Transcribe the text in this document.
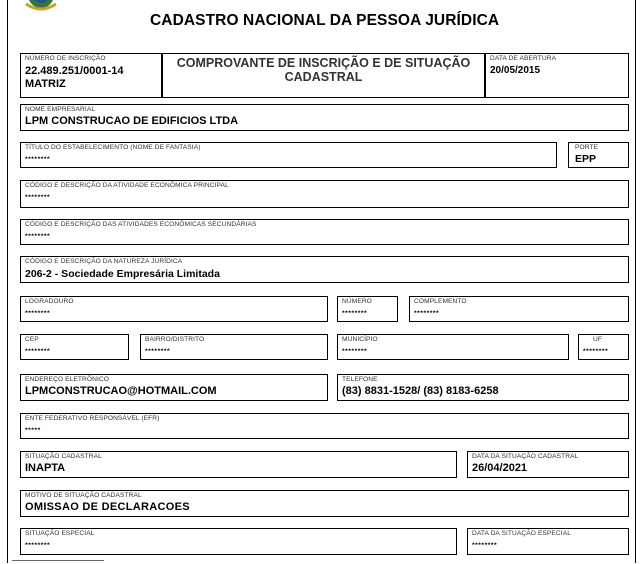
CADASTRO NACIONAL DA PESSOA JURÍDICA
NÚMERO DE INSCRIÇÃO
22.489.251/0001-14
MATRIZ
COMPROVANTE DE INSCRIÇÃO E DE SITUAÇÃO
CADASTRAL
DATA DE ABERTURA
20/05/2015
NOME EMPRESARIAL
LPM CONSTRUCAO DE EDIFICIOS LTDA
TÍTULO DO ESTABELECIMENTO (NOME DE FANTASIA)
********
PORTE
EPP
CÓDIGO E DESCRIÇÃO DA ATIVIDADE ECONÔMICA PRINCIPAL
********
CÓDIGO E DESCRIÇÃO DAS ATIVIDADES ECONÔMICAS SECUNDÁRIAS
********
CÓDIGO E DESCRIÇÃO DA NATUREZA JURÍDICA
206-2 - Sociedade Empresária Limitada
LOGRADOURO
********
NÚMERO
********
COMPLEMENTO
********
CEP
********
BAIRRO/DISTRITO
********
MUNICÍPIO
********
UF
********
ENDEREÇO ELETRÔNICO
LPMCONSTRUCAO@HOTMAIL.COM
TELEFONE
(83) 8831-1528/ (83) 8183-6258
ENTE FEDERATIVO RESPONSÁVEL (EFR)
*****
SITUAÇÃO CADASTRAL
INAPTA
DATA DA SITUAÇÃO CADASTRAL
26/04/2021
MOTIVO DE SITUAÇÃO CADASTRAL
OMISSAO DE DECLARACOES
SITUAÇÃO ESPECIAL
********
DATA DA SITUAÇÃO ESPECIAL
********
